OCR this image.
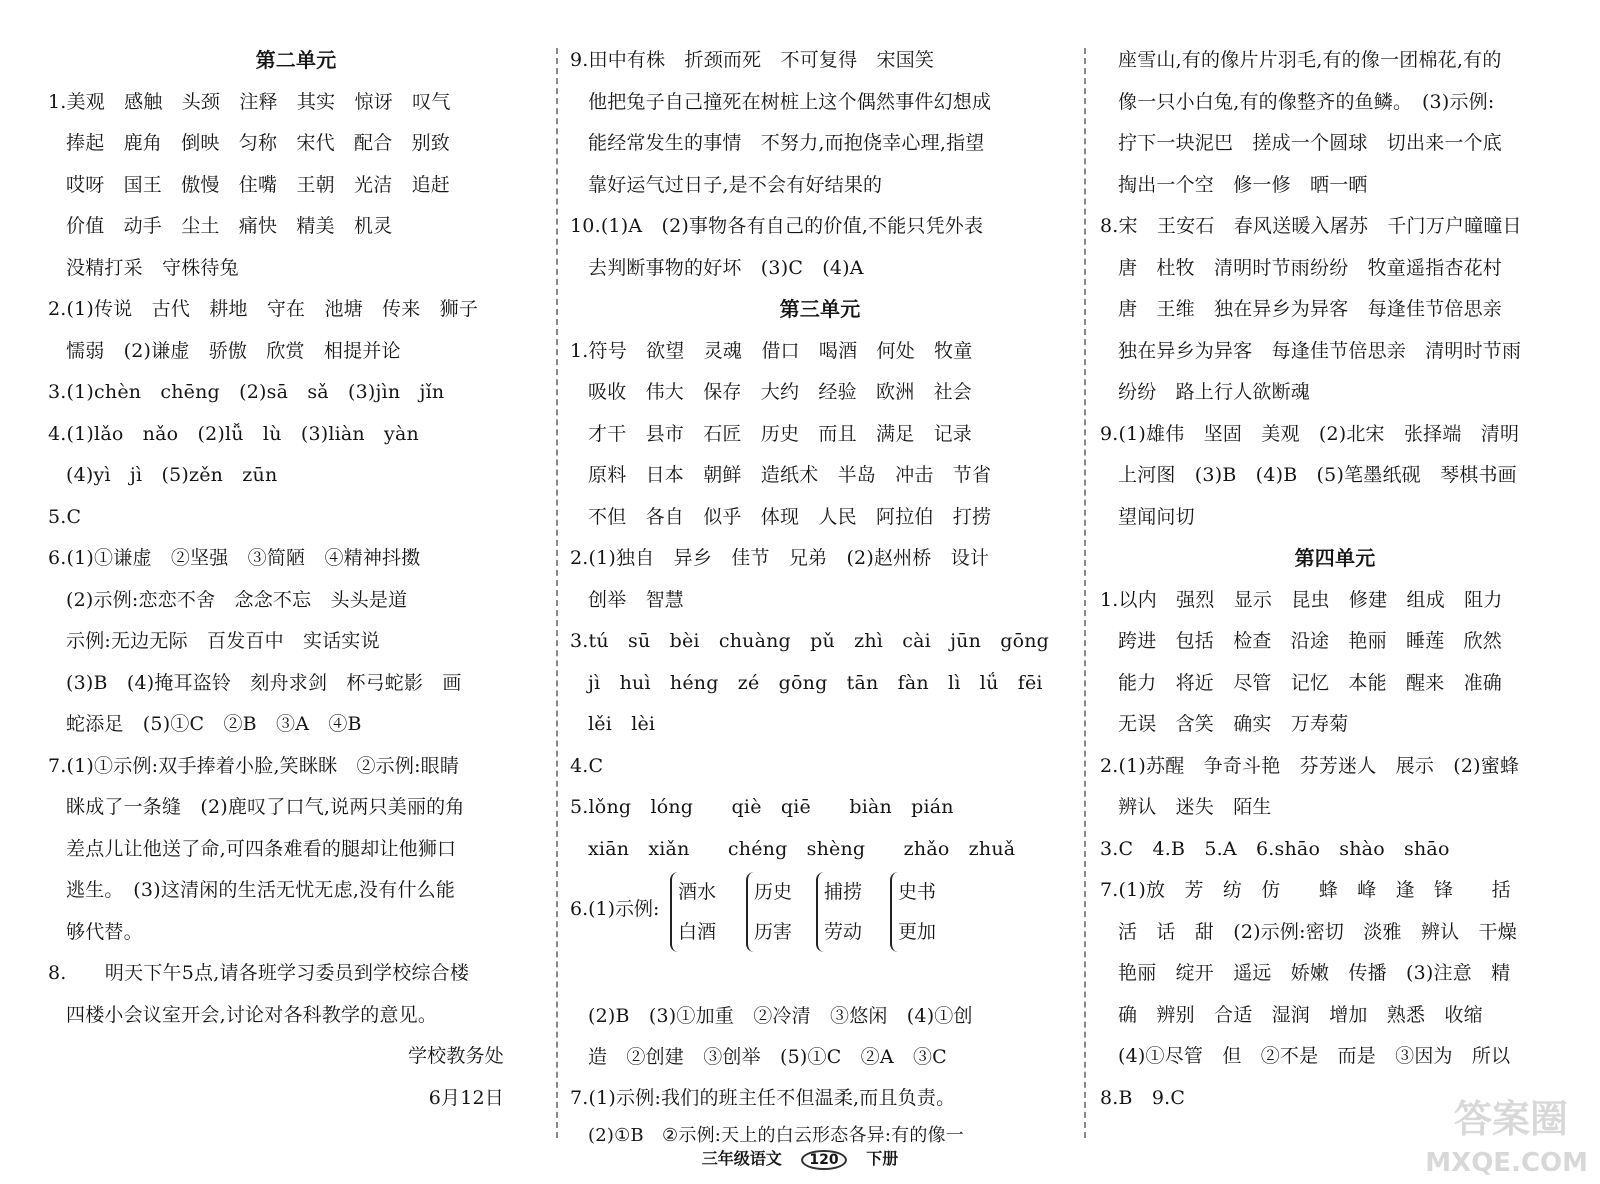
第二单元
1.美观　感触　头颈　注释　其实　惊讶　叹气
捧起　鹿角　倒映　匀称　宋代　配合　别致
哎呀　国王　傲慢　住嘴　王朝　光洁　追赶
价值　动手　尘土　痛快　精美　机灵
没精打采　守株待兔
2.(1)传说　古代　耕地　守在　池塘　传来　狮子
懦弱　(2)谦虚　骄傲　欣赏　相提并论
3.(1)chèn　chēng　(2)sā　sǎ　(3)jìn　jǐn
4.(1)lǎo　nǎo　(2)lǚ　lù　(3)liàn　yàn
(4)yì　jì　(5)zěn　zūn
5.C
6.(1)①谦虚　②坚强　③简陋　④精神抖擞
(2)示例:恋恋不舍　念念不忘　头头是道
示例:无边无际　百发百中　实话实说
(3)B　(4)掩耳盗铃　刻舟求剑　杯弓蛇影　画
蛇添足　(5)①C　②B　③A　④B
7.(1)①示例:双手捧着小脸,笑眯眯　②示例:眼睛
眯成了一条缝　(2)鹿叹了口气,说两只美丽的角
差点儿让他送了命,可四条难看的腿却让他狮口
逃生。　(3)这清闲的生活无忧无虑,没有什么能
够代替。
8.　　明天下午5点,请各班学习委员到学校综合楼
四楼小会议室开会,讨论对各科教学的意见。
学校教务处
6月12日
9.田中有株　折颈而死　不可复得　宋国笑
他把兔子自己撞死在树桩上这个偶然事件幻想成
能经常发生的事情　不努力,而抱侥幸心理,指望
靠好运气过日子,是不会有好结果的
10.(1)A　(2)事物各有自己的价值,不能只凭外表
去判断事物的好坏　(3)C　(4)A
第三单元
1.符号　欲望　灵魂　借口　喝酒　何处　牧童
吸收　伟大　保存　大约　经验　欧洲　社会
才干　县市　石匠　历史　而且　满足　记录
原料　日本　朝鲜　造纸术　半岛　冲击　节省
不但　各自　似乎　体现　人民　阿拉伯　打捞
2.(1)独自　异乡　佳节　兄弟　(2)赵州桥　设计
创举　智慧
3.tú　sū　bèi　chuàng　pǔ　zhì　cài　jūn　gōng
jì　huì　héng　zé　gōng　tān　fàn　lì　lǘ　fēi
lěi　lèi
4.C
5.lǒng　lóng　　qiè　qiē　　biàn　pián
xiān　xiǎn　　chéng　shèng　　zhǎo　zhuǎ
6.(1)示例:
酒水
白酒
历史
历害
捕捞
劳动
史书
更加
(2)B　(3)①加重　②冷清　③悠闲　(4)①创
造　②创建　③创举　(5)①C　②A　③C
7.(1)示例:我们的班主任不但温柔,而且负责。
(2)①B　②示例:天上的白云形态各异:有的像一
座雪山,有的像片片羽毛,有的像一团棉花,有的
像一只小白兔,有的像整齐的鱼鳞。　(3)示例:
拧下一块泥巴　搓成一个圆球　切出来一个底
掏出一个空　修一修　晒一晒
8.宋　王安石　春风送暖入屠苏　千门万户曈曈日
唐　杜牧　清明时节雨纷纷　牧童遥指杏花村
唐　王维　独在异乡为异客　每逢佳节倍思亲
独在异乡为异客　每逢佳节倍思亲　清明时节雨
纷纷　路上行人欲断魂
9.(1)雄伟　坚固　美观　(2)北宋　张择端　清明
上河图　(3)B　(4)B　(5)笔墨纸砚　琴棋书画
望闻问切
第四单元
1.以内　强烈　显示　昆虫　修建　组成　阻力
跨进　包括　检查　沿途　艳丽　睡莲　欣然
能力　将近　尽管　记忆　本能　醒来　准确
无误　含笑　确实　万寿菊
2.(1)苏醒　争奇斗艳　芬芳迷人　展示　(2)蜜蜂
辨认　迷失　陌生
3.C　4.B　5.A　6.shāo　shào　shāo
7.(1)放　芳　纺　仿　　蜂　峰　逢　锋　　括
活　话　甜　(2)示例:密切　淡雅　辨认　干燥
艳丽　绽开　遥远　娇嫩　传播　(3)注意　精
确　辨别　合适　湿润　增加　熟悉　收缩
(4)①尽管　但　②不是　而是　③因为　所以
8.B　9.C
三年级语文 120 下册
答案圈
MXQE.COM
